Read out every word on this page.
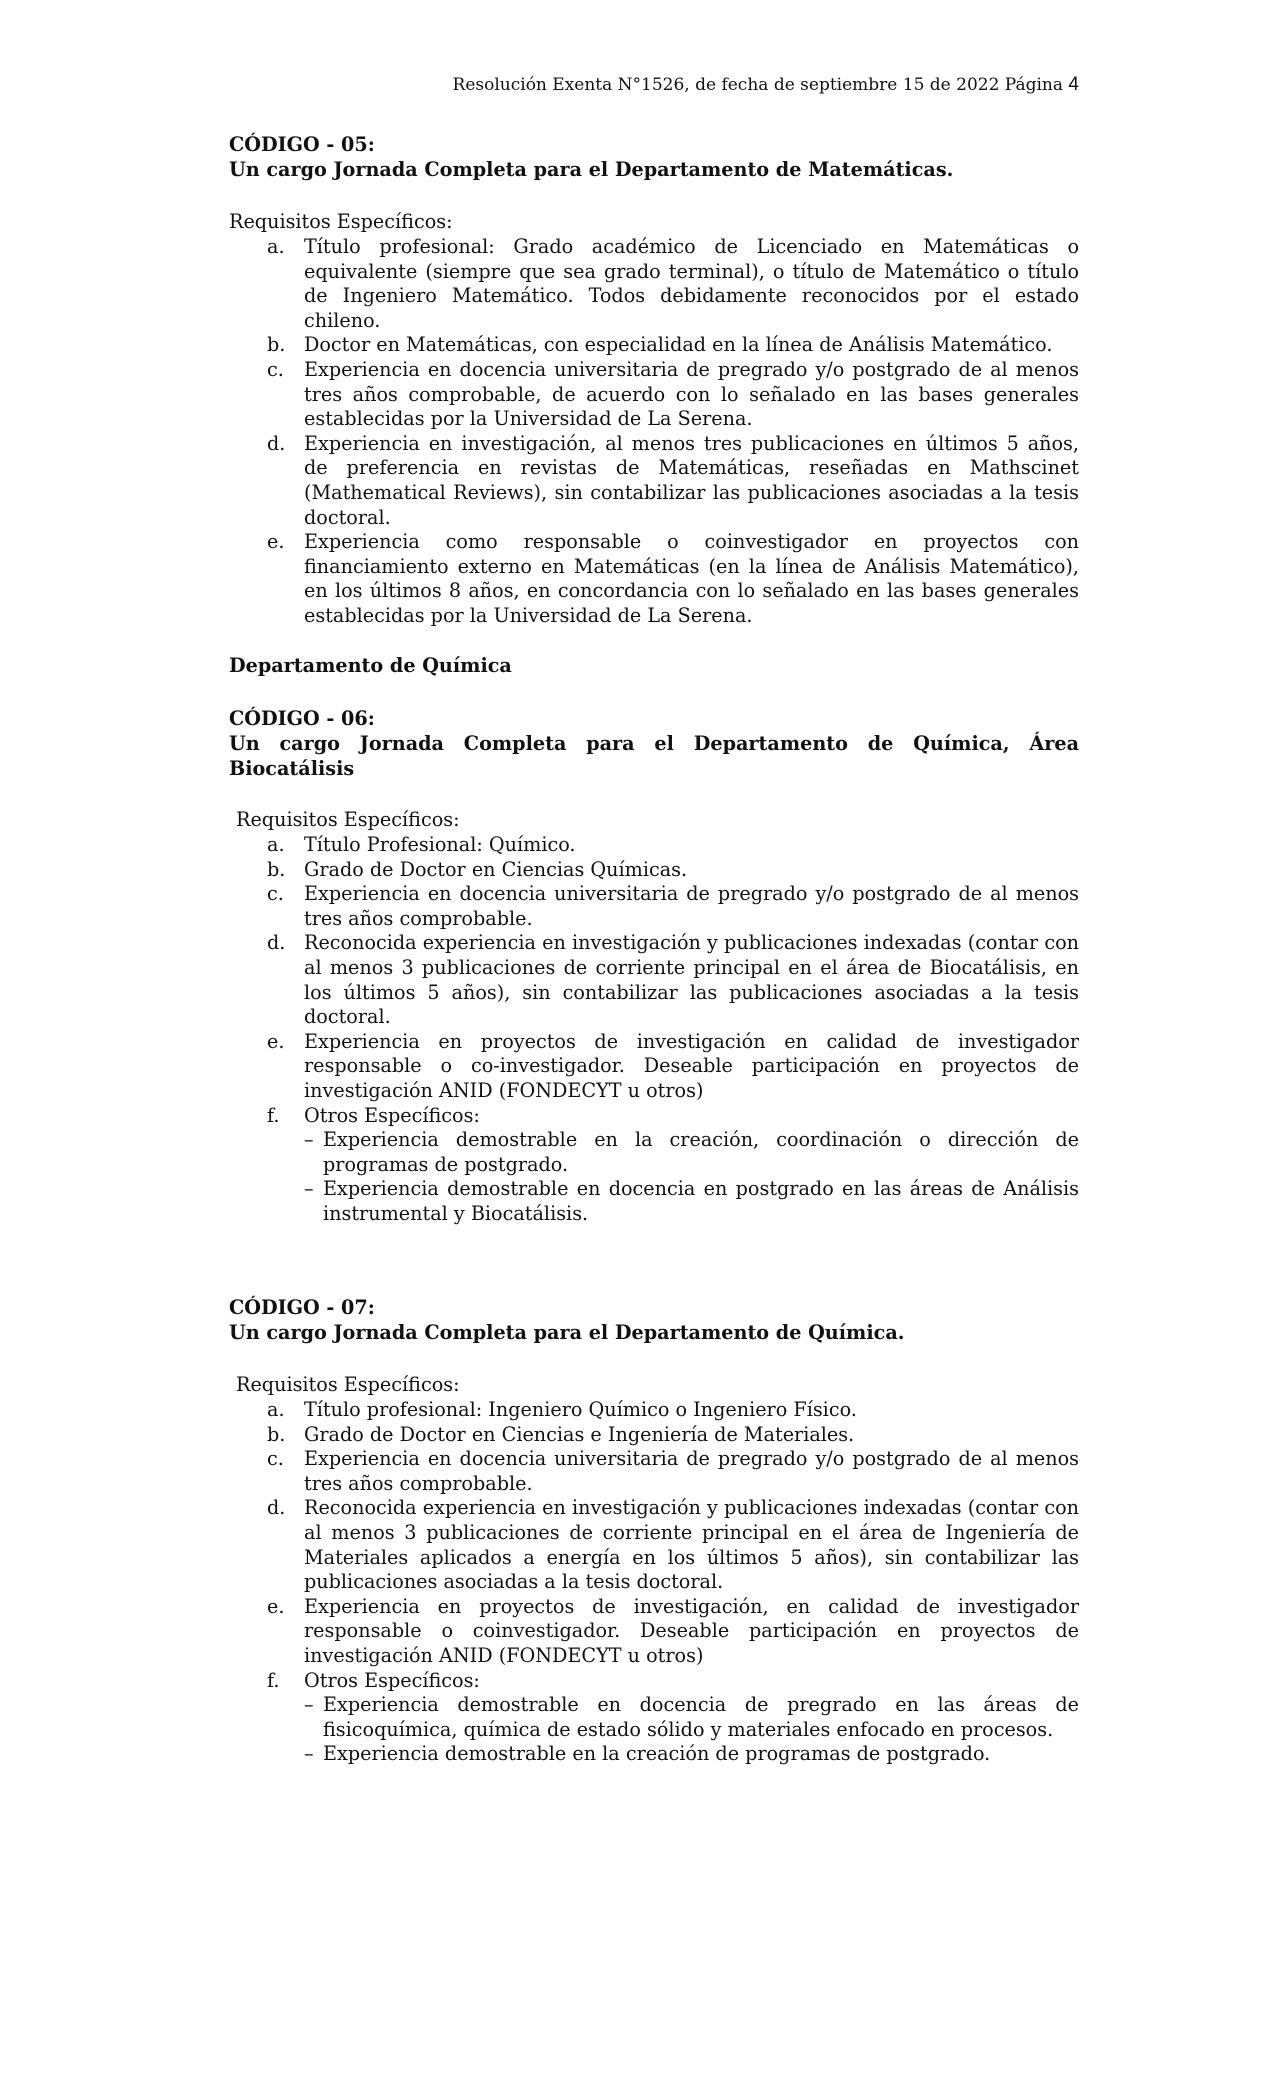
Resolución Exenta N°1526, de fecha de septiembre 15 de 2022 Página 4
CÓDIGO - 05:
Un cargo Jornada Completa para el Departamento de Matemáticas.
Requisitos Específicos:
a. Título profesional: Grado académico de Licenciado en Matemáticas o equivalente (siempre que sea grado terminal), o título de Matemático o título de Ingeniero Matemático. Todos debidamente reconocidos por el estado chileno.
b. Doctor en Matemáticas, con especialidad en la línea de Análisis Matemático.
c. Experiencia en docencia universitaria de pregrado y/o postgrado de al menos tres años comprobable, de acuerdo con lo señalado en las bases generales establecidas por la Universidad de La Serena.
d. Experiencia en investigación, al menos tres publicaciones en últimos 5 años, de preferencia en revistas de Matemáticas, reseñadas en Mathscinet (Mathematical Reviews), sin contabilizar las publicaciones asociadas a la tesis doctoral.
e. Experiencia como responsable o coinvestigador en proyectos con financiamiento externo en Matemáticas (en la línea de Análisis Matemático), en los últimos 8 años, en concordancia con lo señalado en las bases generales establecidas por la Universidad de La Serena.
Departamento de Química
CÓDIGO - 06:
Un cargo Jornada Completa para el Departamento de Química, Área Biocatálisis
Requisitos Específicos:
a. Título Profesional: Químico.
b. Grado de Doctor en Ciencias Químicas.
c. Experiencia en docencia universitaria de pregrado y/o postgrado de al menos tres años comprobable.
d. Reconocida experiencia en investigación y publicaciones indexadas (contar con al menos 3 publicaciones de corriente principal en el área de Biocatálisis, en los últimos 5 años), sin contabilizar las publicaciones asociadas a la tesis doctoral.
e. Experiencia en proyectos de investigación en calidad de investigador responsable o co-investigador. Deseable participación en proyectos de investigación ANID (FONDECYT u otros)
f. Otros Específicos:
– Experiencia demostrable en la creación, coordinación o dirección de programas de postgrado.
– Experiencia demostrable en docencia en postgrado en las áreas de Análisis instrumental y Biocatálisis.
CÓDIGO - 07:
Un cargo Jornada Completa para el Departamento de Química.
Requisitos Específicos:
a. Título profesional: Ingeniero Químico o Ingeniero Físico.
b. Grado de Doctor en Ciencias e Ingeniería de Materiales.
c. Experiencia en docencia universitaria de pregrado y/o postgrado de al menos tres años comprobable.
d. Reconocida experiencia en investigación y publicaciones indexadas (contar con al menos 3 publicaciones de corriente principal en el área de Ingeniería de Materiales aplicados a energía en los últimos 5 años), sin contabilizar las publicaciones asociadas a la tesis doctoral.
e. Experiencia en proyectos de investigación, en calidad de investigador responsable o coinvestigador. Deseable participación en proyectos de investigación ANID (FONDECYT u otros)
f. Otros Específicos:
– Experiencia demostrable en docencia de pregrado en las áreas de fisicoquímica, química de estado sólido y materiales enfocado en procesos.
– Experiencia demostrable en la creación de programas de postgrado.
